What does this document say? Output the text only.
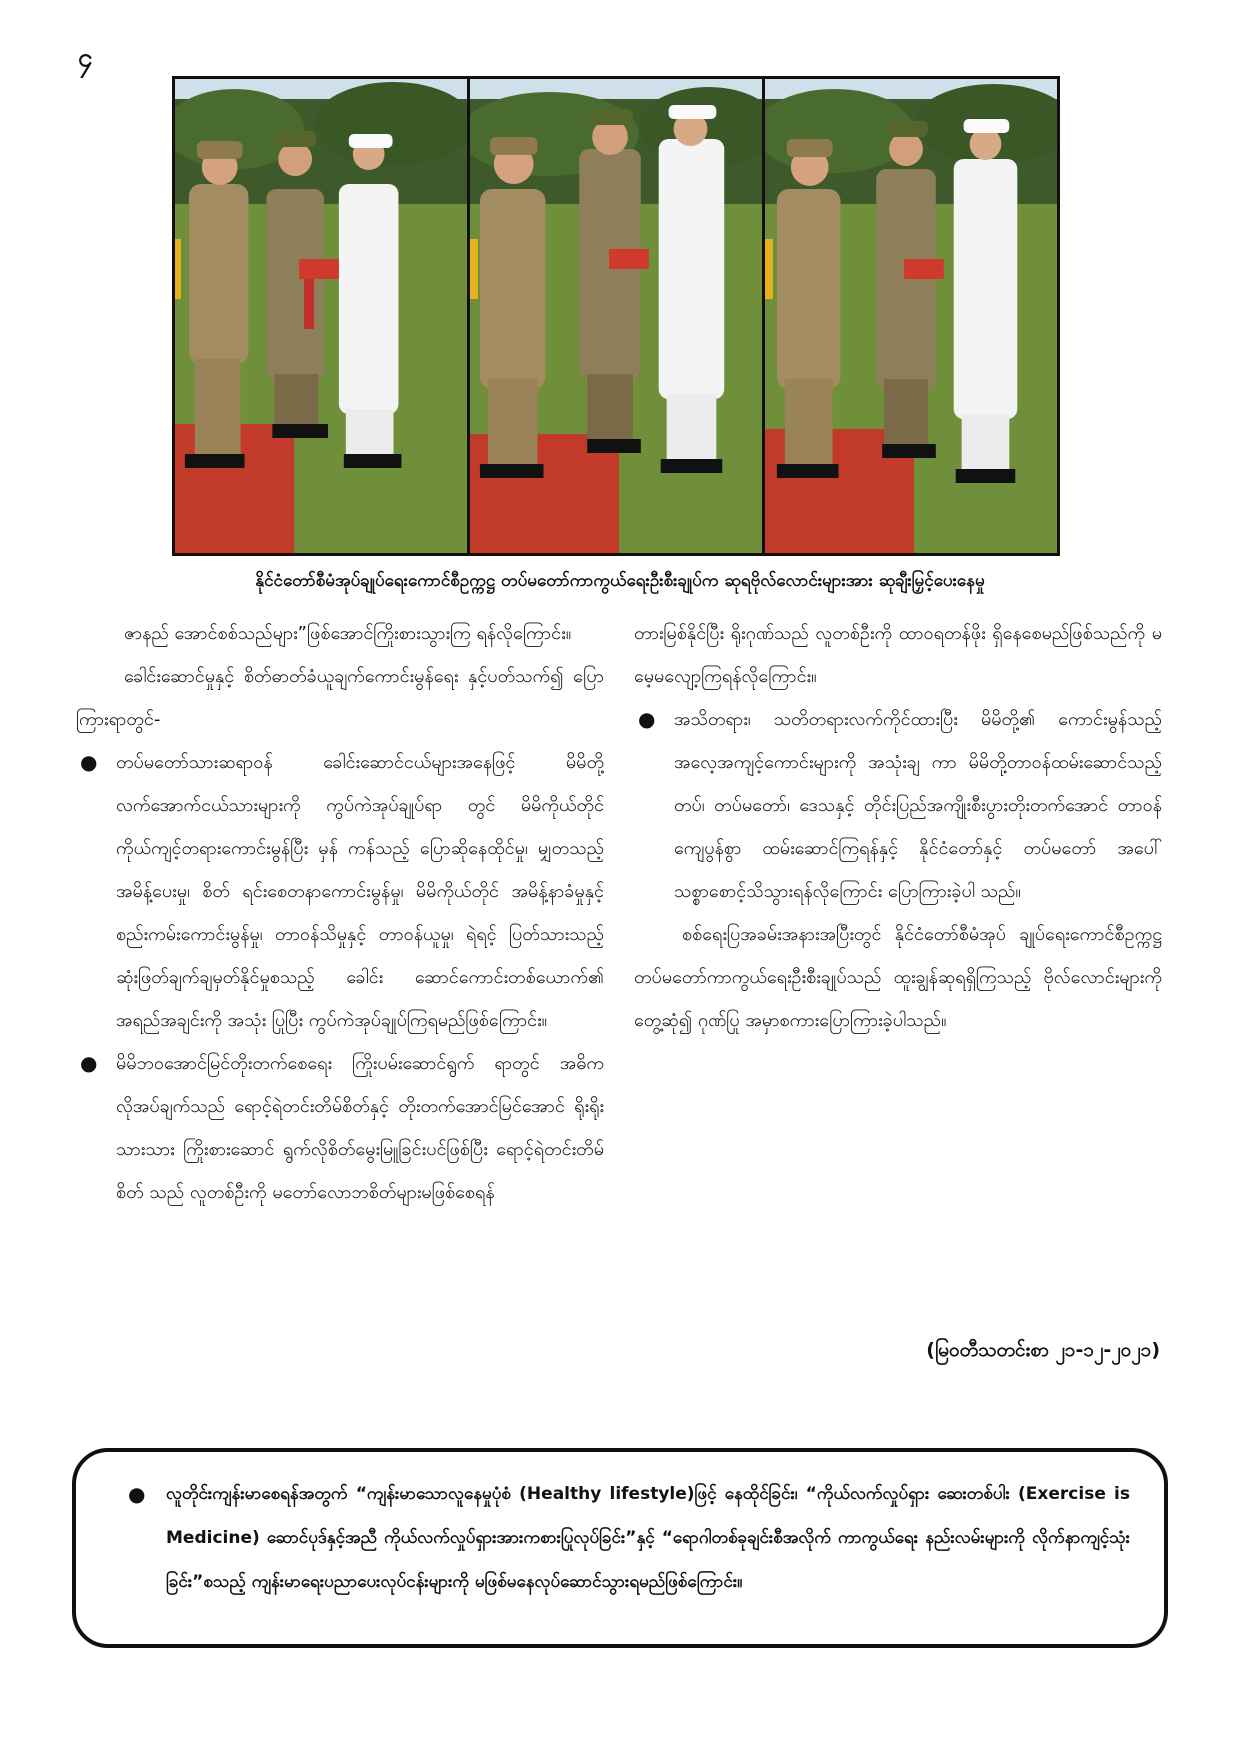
၄
နိုင်ငံတော်စီမံအုပ်ချုပ်ရေးကောင်စီဥက္ကဋ္ဌ တပ်မတော်ကာကွယ်ရေးဦးစီးချုပ်က ဆုရဗိုလ်လောင်းများအား ဆုချီးမြှင့်ပေးနေမှု

ဇာနည် အောင်စစ်သည်များ”ဖြစ်အောင်ကြိုးစားသွားကြ ရန်လိုကြောင်း။

ခေါင်းဆောင်မှုနှင့် စိတ်ဓာတ်ခံယူချက်ကောင်းမွန်ရေး နှင့်ပတ်သက်၍ ပြောကြားရာတွင်-

● တပ်မတော်သားဆရာဝန် ခေါင်းဆောင်ငယ်များအနေဖြင့် မိမိတို့လက်အောက်ငယ်သားများကို ကွပ်ကဲအုပ်ချုပ်ရာ တွင် မိမိကိုယ်တိုင် ကိုယ်ကျင့်တရားကောင်းမွန်ပြီး မှန် ကန်သည့် ပြောဆိုနေထိုင်မှု၊ မျှတသည့်အမိန့်ပေးမှု၊ စိတ် ရင်းစေတနာကောင်းမွန်မှု၊ မိမိကိုယ်တိုင် အမိန့်နာခံမှုနှင့် စည်းကမ်းကောင်းမွန်မှု၊ တာဝန်သိမှုနှင့် တာဝန်ယူမှု၊ ရဲရင့် ပြတ်သားသည့် ဆုံးဖြတ်ချက်ချမှတ်နိုင်မှုစသည့် ခေါင်း ဆောင်ကောင်းတစ်ယောက်၏ အရည်အချင်းကို အသုံး ပြုပြီး ကွပ်ကဲအုပ်ချုပ်ကြရမည်ဖြစ်ကြောင်း။
● မိမိဘဝအောင်မြင်တိုးတက်စေရေး ကြိုးပမ်းဆောင်ရွက် ရာတွင် အဓိကလိုအပ်ချက်သည် ရောင့်ရဲတင်းတိမ်စိတ်နှင့် တိုးတက်အောင်မြင်အောင် ရိုးရိုးသားသား ကြိုးစားဆောင် ရွက်လိုစိတ်မွေးမြူခြင်းပင်ဖြစ်ပြီး ရောင့်ရဲတင်းတိမ်စိတ် သည် လူတစ်ဦးကို မတော်လောဘစိတ်များမဖြစ်စေရန်

တားမြစ်နိုင်ပြီး ရိုးဂုဏ်သည် လူတစ်ဦးကို ထာဝရတန်ဖိုး ရှိနေစေမည်ဖြစ်သည်ကို မမေ့မလျော့ကြရန်လိုကြောင်း။

● အသိတရား၊ သတိတရားလက်ကိုင်ထားပြီး မိမိတို့၏ ကောင်းမွန်သည့် အလေ့အကျင့်ကောင်းများကို အသုံးချ ကာ မိမိတို့တာဝန်ထမ်းဆောင်သည့် တပ်၊ တပ်မတော်၊ ဒေသနှင့် တိုင်းပြည်အကျိုးစီးပွားတိုးတက်အောင် တာဝန် ကျေပွန်စွာ ထမ်းဆောင်ကြရန်နှင့် နိုင်ငံတော်နှင့် တပ်မတော် အပေါ် သစ္စာစောင့်သိသွားရန်လိုကြောင်း ပြောကြားခဲ့ပါ သည်။

စစ်ရေးပြအခမ်းအနားအပြီးတွင် နိုင်ငံတော်စီမံအုပ် ချုပ်ရေးကောင်စီဥက္ကဋ္ဌ တပ်မတော်ကာကွယ်ရေးဦးစီးချုပ်သည် ထူးချွန်ဆုရရှိကြသည့် ဗိုလ်လောင်းများကို တွေ့ဆုံ၍ ဂုဏ်ပြု အမှာစကားပြောကြားခဲ့ပါသည်။

(မြဝတီသတင်းစာ ၂၁-၁၂-၂၀၂၁)
● လူတိုင်းကျန်းမာစေရန်အတွက် “ကျန်းမာသောလူနေမှုပုံစံ (Healthy lifestyle)ဖြင့် နေထိုင်ခြင်း၊ “ကိုယ်လက်လှုပ်ရှား ဆေးတစ်ပါး (Exercise is Medicine) ဆောင်ပုဒ်နှင့်အညီ ကိုယ်လက်လှုပ်ရှားအားကစားပြုလုပ်ခြင်း”နှင့် “ရောဂါတစ်ခုချင်းစီအလိုက် ကာကွယ်ရေး နည်းလမ်းများကို လိုက်နာကျင့်သုံးခြင်း”စသည့် ကျန်းမာရေးပညာပေးလုပ်ငန်းများကို မဖြစ်မနေလုပ်ဆောင်သွားရမည်ဖြစ်ကြောင်း။
